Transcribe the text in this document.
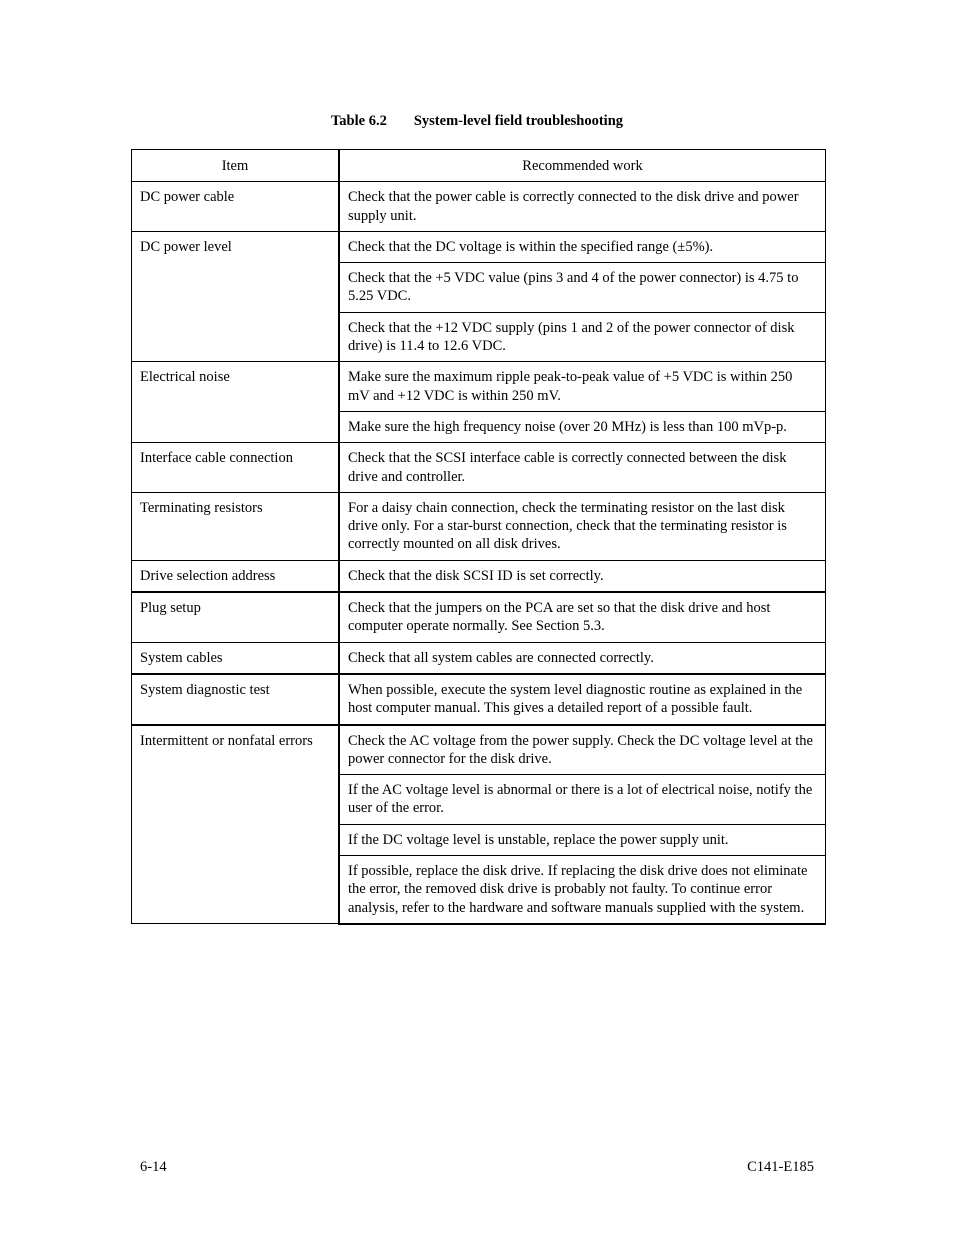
Table 6.2 System-level field troubleshooting
Item	Recommended work
DC power cable	Check that the power cable is correctly connected to the disk drive and power supply unit.
DC power level	Check that the DC voltage is within the specified range (±5%).
	Check that the +5 VDC value (pins 3 and 4 of the power connector) is 4.75 to 5.25 VDC.
	Check that the +12 VDC supply (pins 1 and 2 of the power connector of disk drive) is 11.4 to 12.6 VDC.
Electrical noise	Make sure the maximum ripple peak-to-peak value of +5 VDC is within 250 mV and +12 VDC is within 250 mV.
	Make sure the high frequency noise (over 20 MHz) is less than 100 mVp-p.
Interface cable connection	Check that the SCSI interface cable is correctly connected between the disk drive and controller.
Terminating resistors	For a daisy chain connection, check the terminating resistor on the last disk drive only. For a star-burst connection, check that the terminating resistor is correctly mounted on all disk drives.
Drive selection address	Check that the disk SCSI ID is set correctly.
Plug setup	Check that the jumpers on the PCA are set so that the disk drive and host computer operate normally. See Section 5.3.
System cables	Check that all system cables are connected correctly.
System diagnostic test	When possible, execute the system level diagnostic routine as explained in the host computer manual. This gives a detailed report of a possible fault.
Intermittent or nonfatal errors	Check the AC voltage from the power supply. Check the DC voltage level at the power connector for the disk drive.
	If the AC voltage level is abnormal or there is a lot of electrical noise, notify the user of the error.
	If the DC voltage level is unstable, replace the power supply unit.
	If possible, replace the disk drive. If replacing the disk drive does not eliminate the error, the removed disk drive is probably not faulty. To continue error analysis, refer to the hardware and software manuals supplied with the system.
6-14	C141-E185
